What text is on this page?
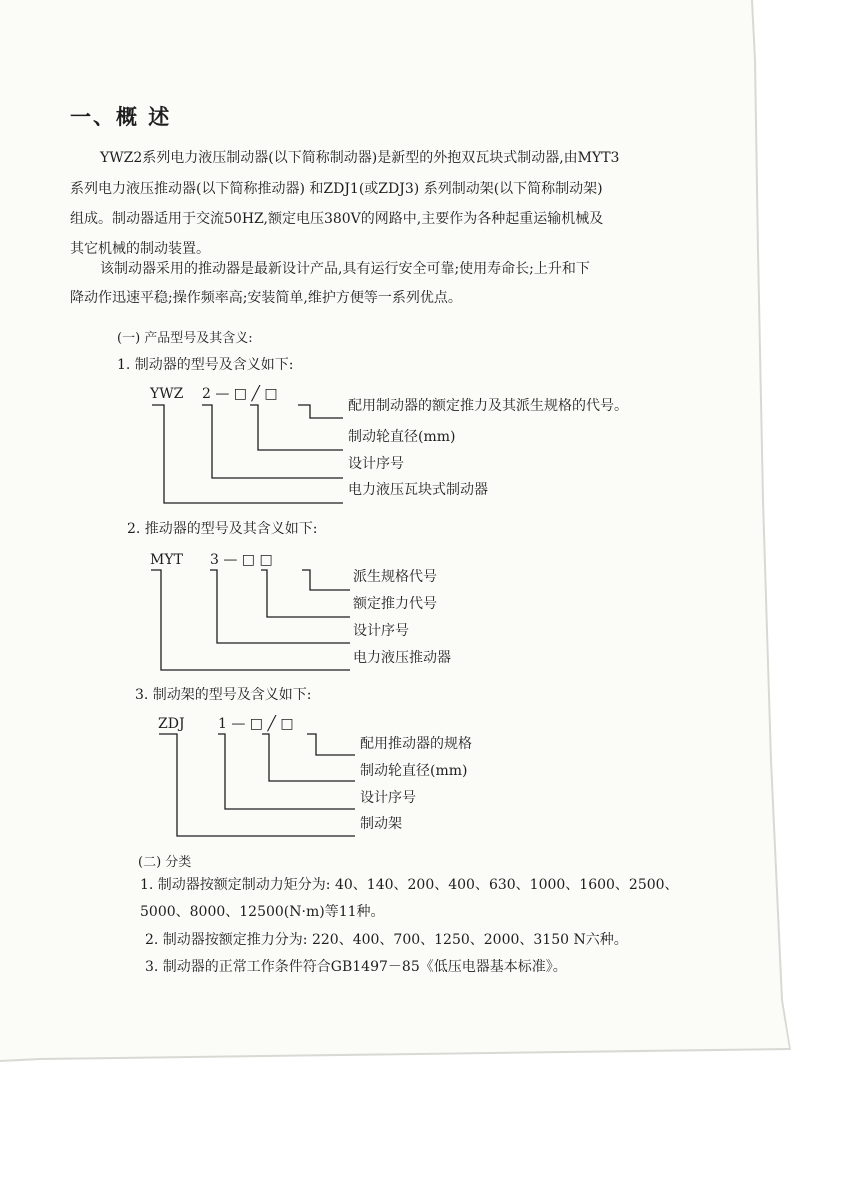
一、概 述
YWZ2系列电力液压制动器(以下简称制动器)是新型的外抱双瓦块式制动器,由MYT3
系列电力液压推动器(以下简称推动器) 和ZDJ1(或ZDJ3) 系列制动架(以下简称制动架)
组成。制动器适用于交流50HZ,额定电压380V的网路中,主要作为各种起重运输机械及
其它机械的制动装置。
该制动器采用的推动器是最新设计产品,具有运行安全可靠;使用寿命长;上升和下
降动作迅速平稳;操作频率高;安装简单,维护方便等一系列优点。
(一) 产品型号及其含义:
1. 制动器的型号及含义如下:
YWZ 2 — □ ╱ □
配用制动器的额定推力及其派生规格的代号。
制动轮直径(mm)
设计序号
电力液压瓦块式制动器
2. 推动器的型号及其含义如下:
MYT 3 — □ □
派生规格代号
额定推力代号
设计序号
电力液压推动器
3. 制动架的型号及含义如下:
ZDJ 1 — □ ╱ □
配用推动器的规格
制动轮直径(mm)
设计序号
制动架
(二) 分类
1. 制动器按额定制动力矩分为: 40、140、200、400、630、1000、1600、2500、
5000、8000、12500(N·m)等11种。
2. 制动器按额定推力分为: 220、400、700、1250、2000、3150 N六种。
3. 制动器的正常工作条件符合GB1497－85《低压电器基本标准》。
